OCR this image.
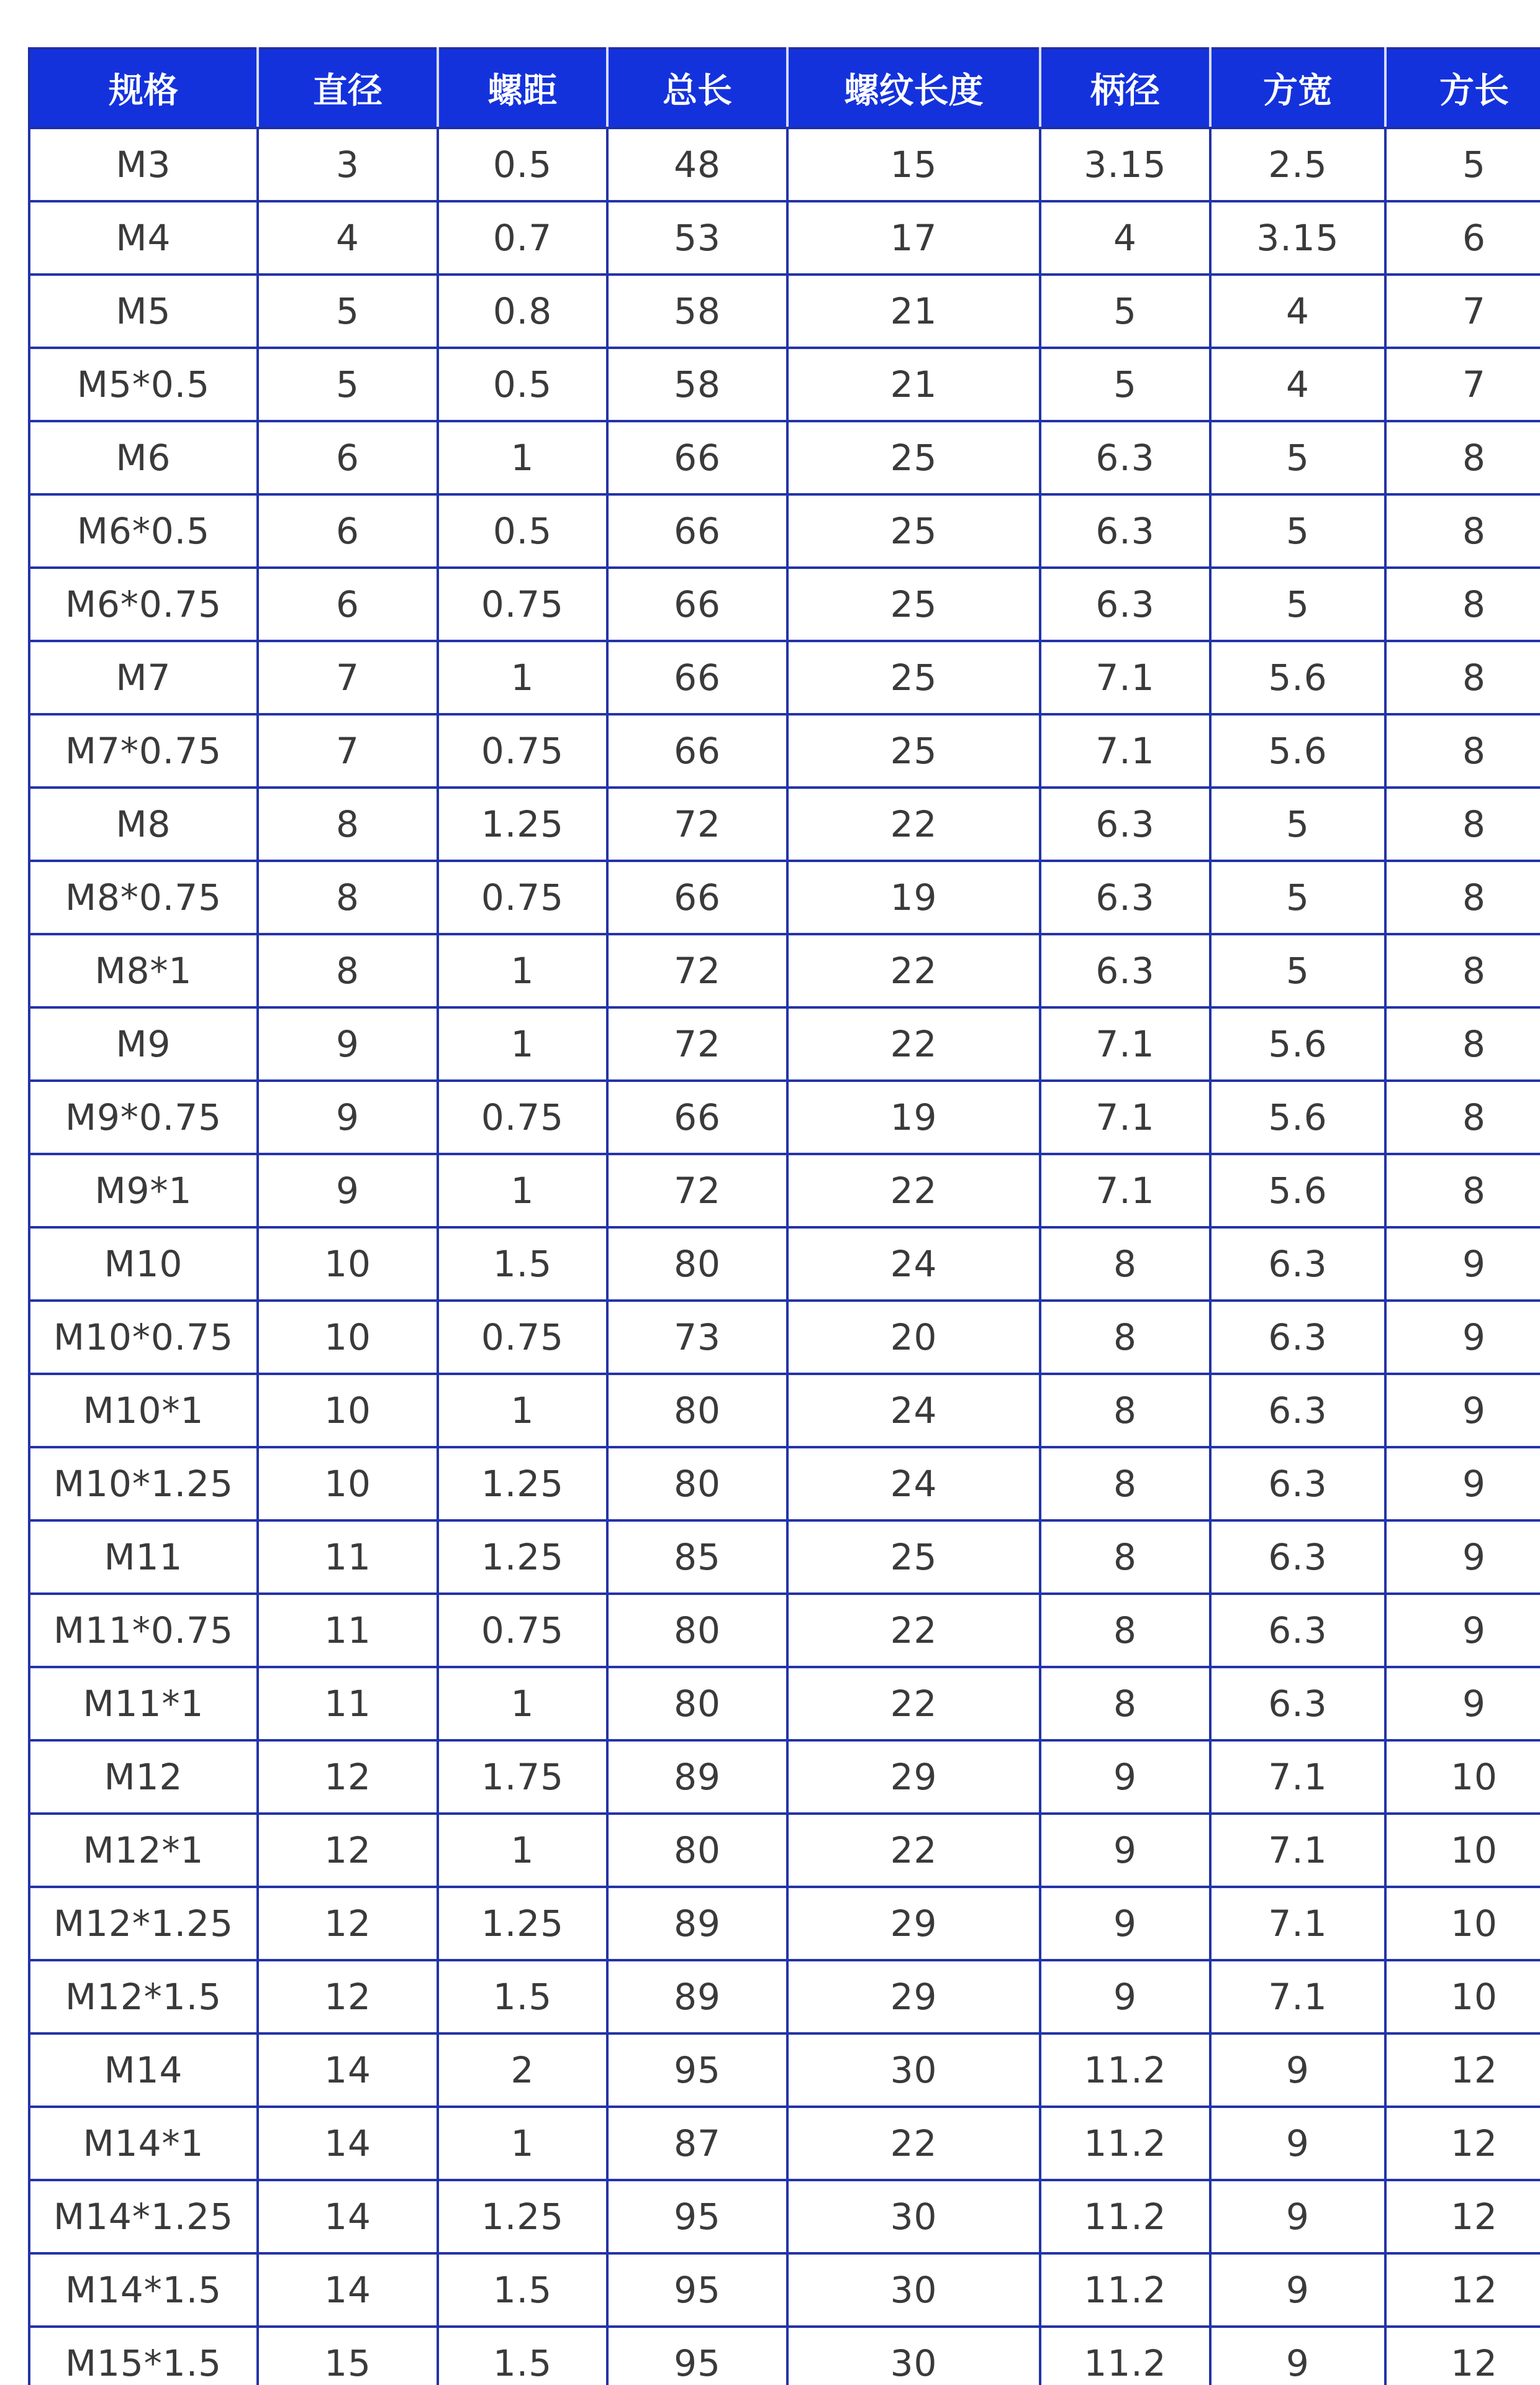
规格	直径	螺距	总长	螺纹长度	柄径	方宽	方长
M3	3	0.5	48	15	3.15	2.5	5
M4	4	0.7	53	17	4	3.15	6
M5	5	0.8	58	21	5	4	7
M5*0.5	5	0.5	58	21	5	4	7
M6	6	1	66	25	6.3	5	8
M6*0.5	6	0.5	66	25	6.3	5	8
M6*0.75	6	0.75	66	25	6.3	5	8
M7	7	1	66	25	7.1	5.6	8
M7*0.75	7	0.75	66	25	7.1	5.6	8
M8	8	1.25	72	22	6.3	5	8
M8*0.75	8	0.75	66	19	6.3	5	8
M8*1	8	1	72	22	6.3	5	8
M9	9	1	72	22	7.1	5.6	8
M9*0.75	9	0.75	66	19	7.1	5.6	8
M9*1	9	1	72	22	7.1	5.6	8
M10	10	1.5	80	24	8	6.3	9
M10*0.75	10	0.75	73	20	8	6.3	9
M10*1	10	1	80	24	8	6.3	9
M10*1.25	10	1.25	80	24	8	6.3	9
M11	11	1.25	85	25	8	6.3	9
M11*0.75	11	0.75	80	22	8	6.3	9
M11*1	11	1	80	22	8	6.3	9
M12	12	1.75	89	29	9	7.1	10
M12*1	12	1	80	22	9	7.1	10
M12*1.25	12	1.25	89	29	9	7.1	10
M12*1.5	12	1.5	89	29	9	7.1	10
M14	14	2	95	30	11.2	9	12
M14*1	14	1	87	22	11.2	9	12
M14*1.25	14	1.25	95	30	11.2	9	12
M14*1.5	14	1.5	95	30	11.2	9	12
M15*1.5	15	1.5	95	30	11.2	9	12
